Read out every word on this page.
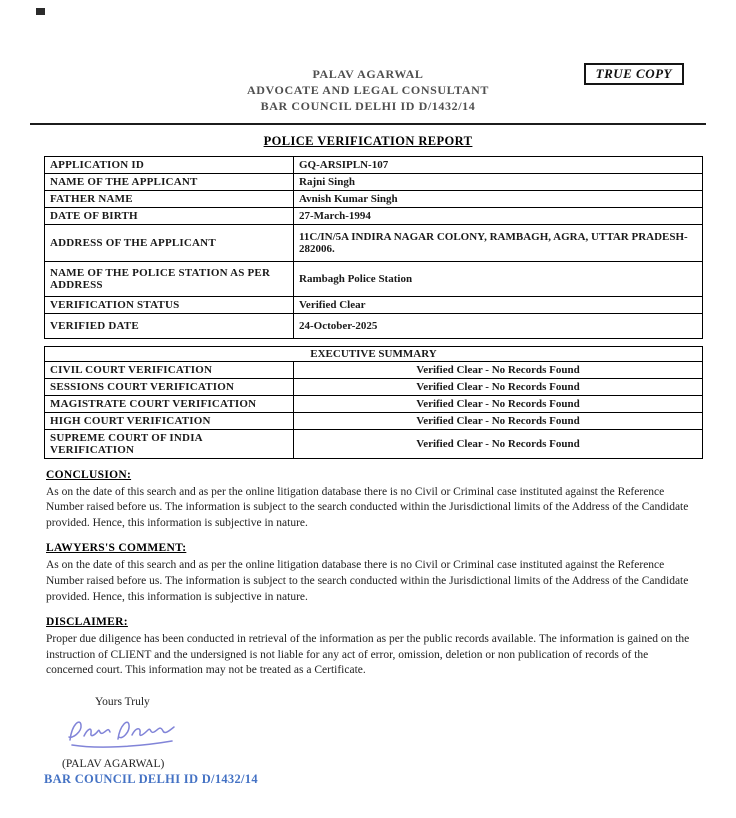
TRUE COPY
PALAV AGARWAL
ADVOCATE AND LEGAL CONSULTANT
BAR COUNCIL DELHI ID D/1432/14
POLICE VERIFICATION REPORT
APPLICATION ID	GQ-ARSIPLN-107
NAME OF THE APPLICANT	Rajni Singh
FATHER NAME	Avnish Kumar Singh
DATE OF BIRTH	27-March-1994
ADDRESS OF THE APPLICANT	11C/IN/5A INDIRA NAGAR COLONY, RAMBAGH, AGRA, UTTAR PRADESH-282006.
NAME OF THE POLICE STATION AS PER ADDRESS	Rambagh Police Station
VERIFICATION STATUS	Verified Clear
VERIFIED DATE	24-October-2025
EXECUTIVE SUMMARY	
CIVIL COURT VERIFICATION	Verified Clear - No Records Found
SESSIONS COURT VERIFICATION	Verified Clear - No Records Found
MAGISTRATE COURT VERIFICATION	Verified Clear - No Records Found
HIGH COURT VERIFICATION	Verified Clear - No Records Found
SUPREME COURT OF INDIA VERIFICATION	Verified Clear - No Records Found
CONCLUSION:
As on the date of this search and as per the online litigation database there is no Civil or Criminal case instituted against the Reference Number raised before us. The information is subject to the search conducted within the Jurisdictional limits of the Address of the Candidate provided. Hence, this information is subjective in nature.
LAWYERS'S COMMENT:
As on the date of this search and as per the online litigation database there is no Civil or Criminal case instituted against the Reference Number raised before us. The information is subject to the search conducted within the Jurisdictional limits of the Address of the Candidate provided. Hence, this information is subjective in nature.
DISCLAIMER:
Proper due diligence has been conducted in retrieval of the information as per the public records available. The information is gained on the instruction of CLIENT and the undersigned is not liable for any act of error, omission, deletion or non publication of records of the concerned court. This information may not be treated as a Certificate.
Yours Truly
(PALAV AGARWAL)
BAR COUNCIL DELHI ID D/1432/14
